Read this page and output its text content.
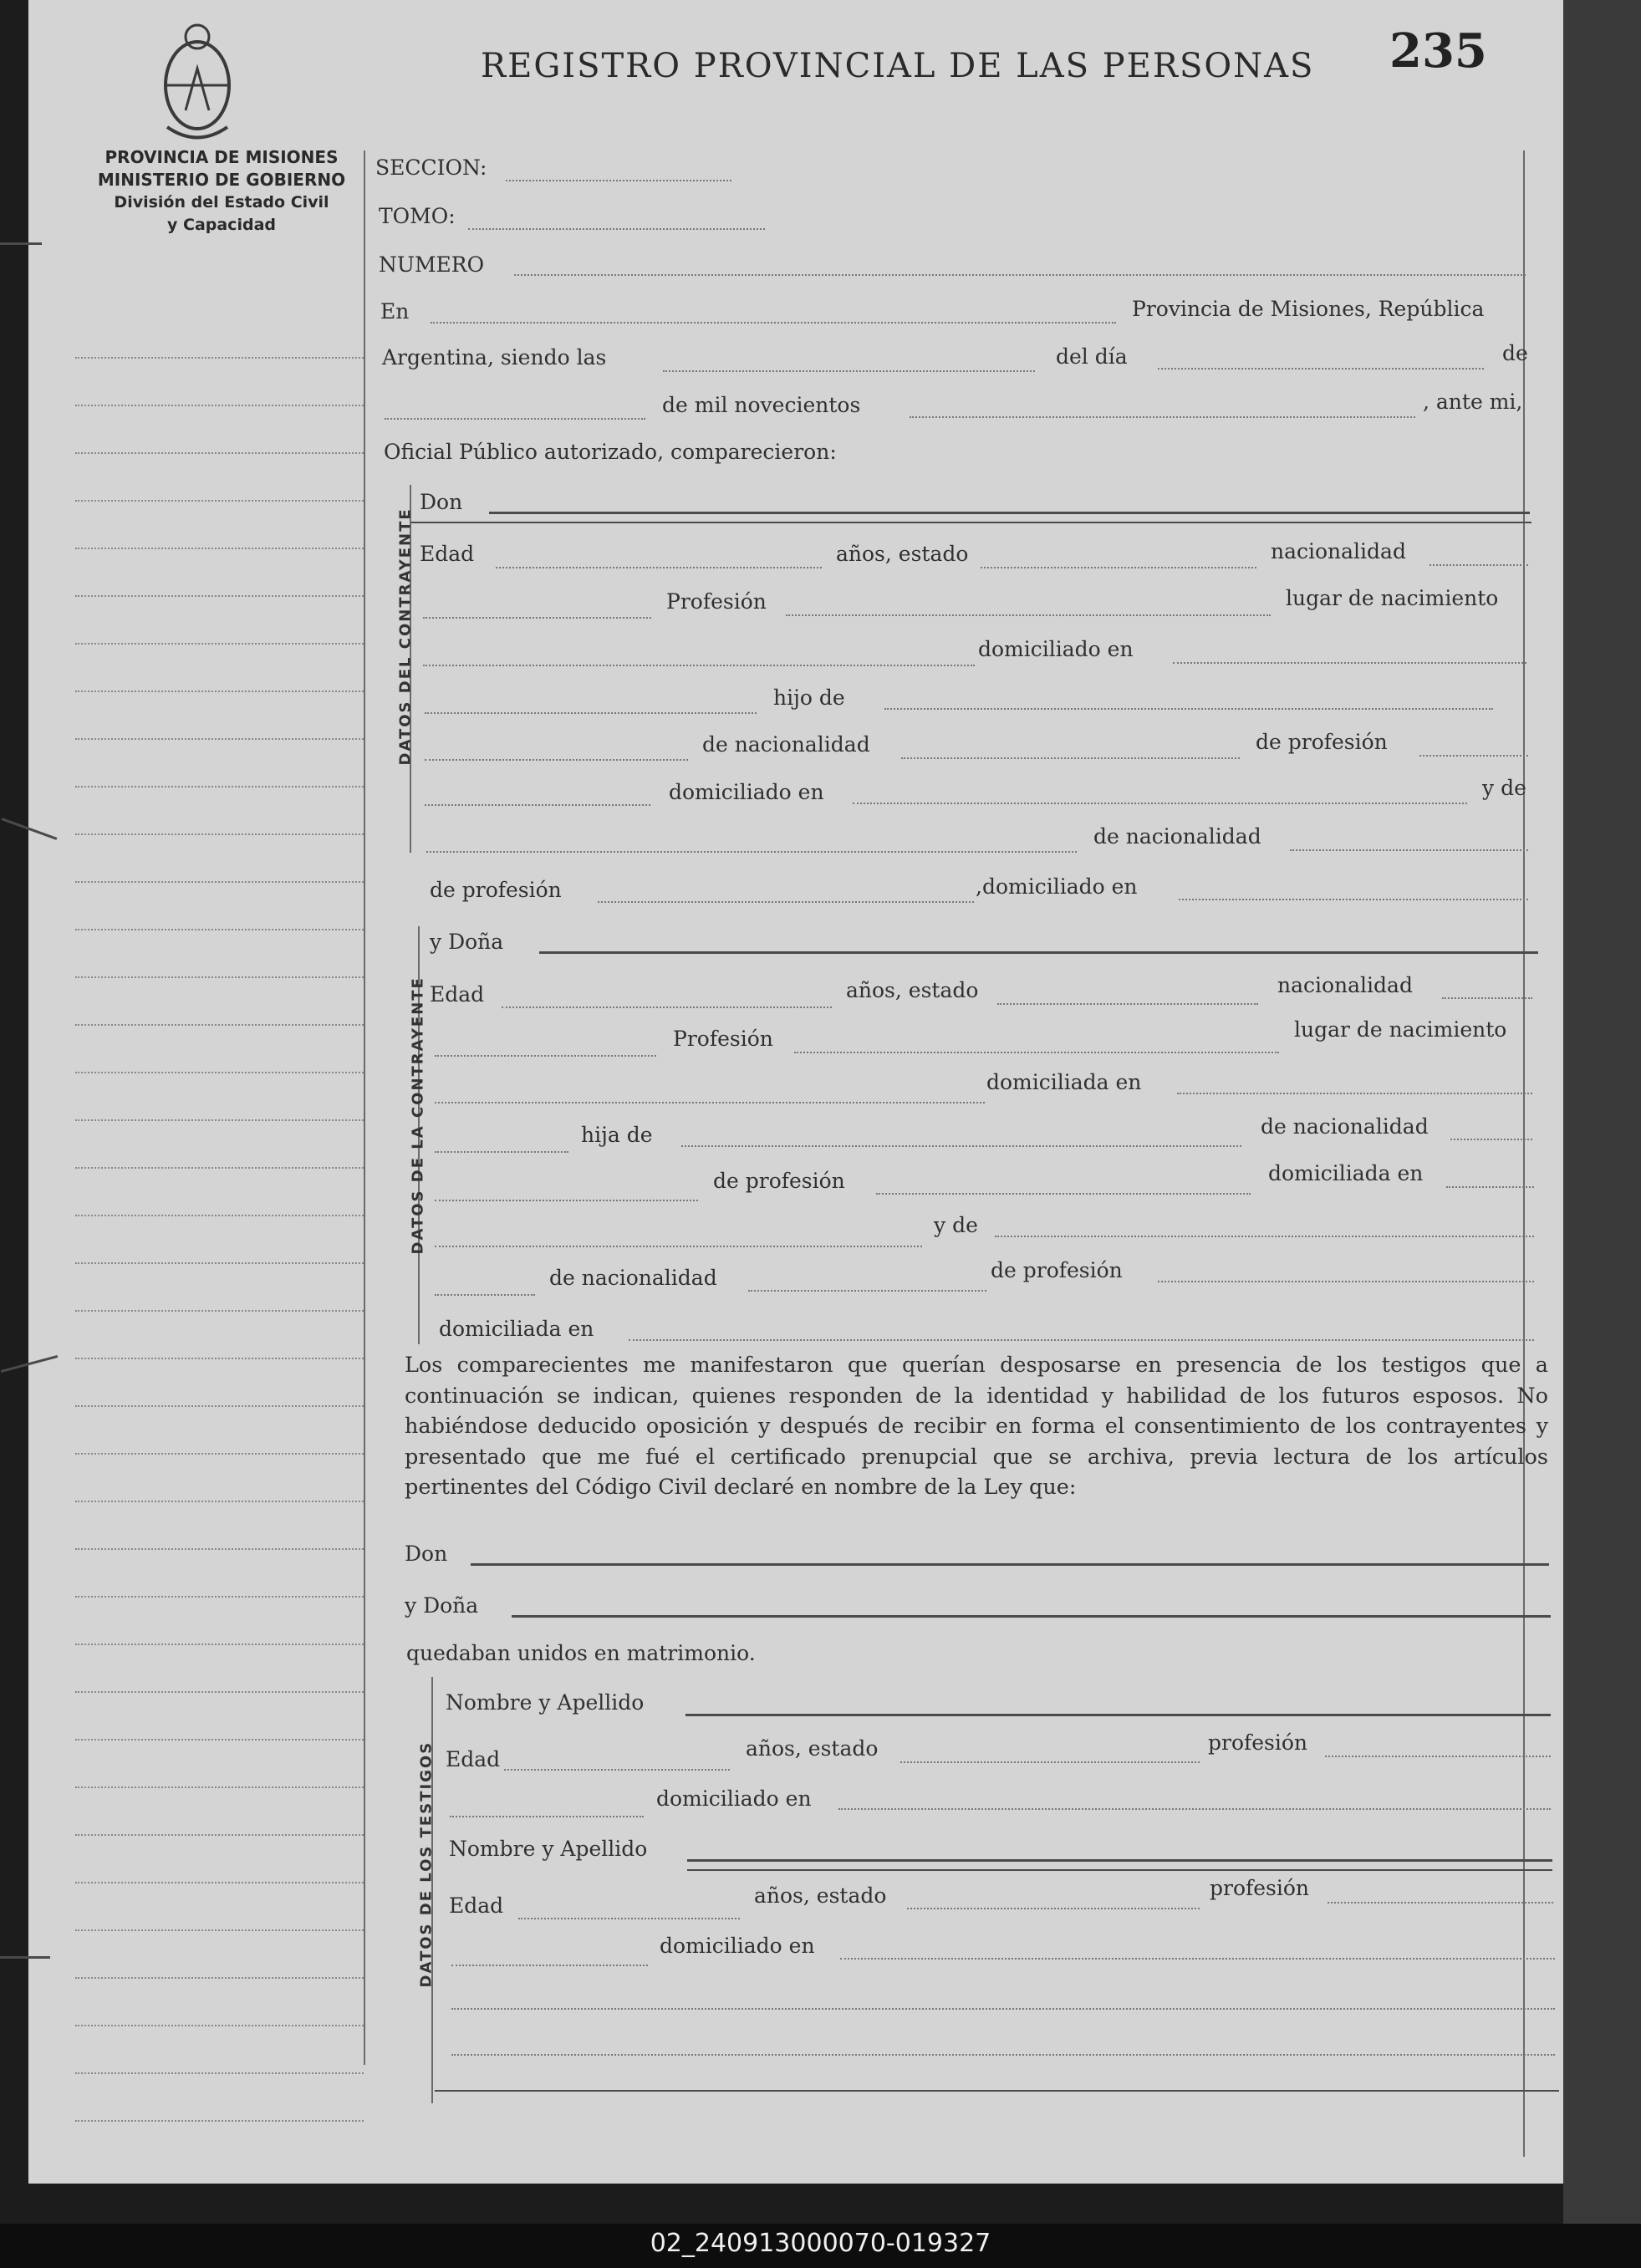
PROVINCIA DE MISIONES
MINISTERIO DE GOBIERNO
División del Estado Civil
y Capacidad
REGISTRO PROVINCIAL DE LAS PERSONAS 235
SECCION:
TOMO:
NUMERO
En	Provincia de Misiones, República
Argentina, siendo las	del día	de
de mil novecientos	, ante mi,
Oficial Público autorizado, comparecieron:
DATOS DEL CONTRAYENTE
Don
Edad	años, estado	nacionalidad
Profesión	lugar de nacimiento
domiciliado en
hijo de
de nacionalidad	de profesión
domiciliado en	y de
de nacionalidad
de profesión	,domiciliado en
DATOS DE LA CONTRAYENTE
y Doña
Edad	años, estado	nacionalidad
Profesión	lugar de nacimiento
domiciliada en
hija de	de nacionalidad
de profesión	domiciliada en
y de
de nacionalidad	de profesión
domiciliada en
Los comparecientes me manifestaron que querían desposarse en presencia de los testigos que a continuación se indican, quienes responden de la identidad y habilidad de los futuros esposos. No habiéndose deducido oposición y después de recibir en forma el consentimiento de los contrayentes y presentado que me fué el certificado prenupcial que se archiva, previa lectura de los artículos pertinentes del Código Civil declaré en nombre de la Ley que:
Don
y Doña
quedaban unidos en matrimonio.
DATOS DE LOS TESTIGOS
Nombre y Apellido
Edad	años, estado	profesión
domiciliado en
Nombre y Apellido
Edad	años, estado	profesión
domiciliado en
02_240913000070-019327
